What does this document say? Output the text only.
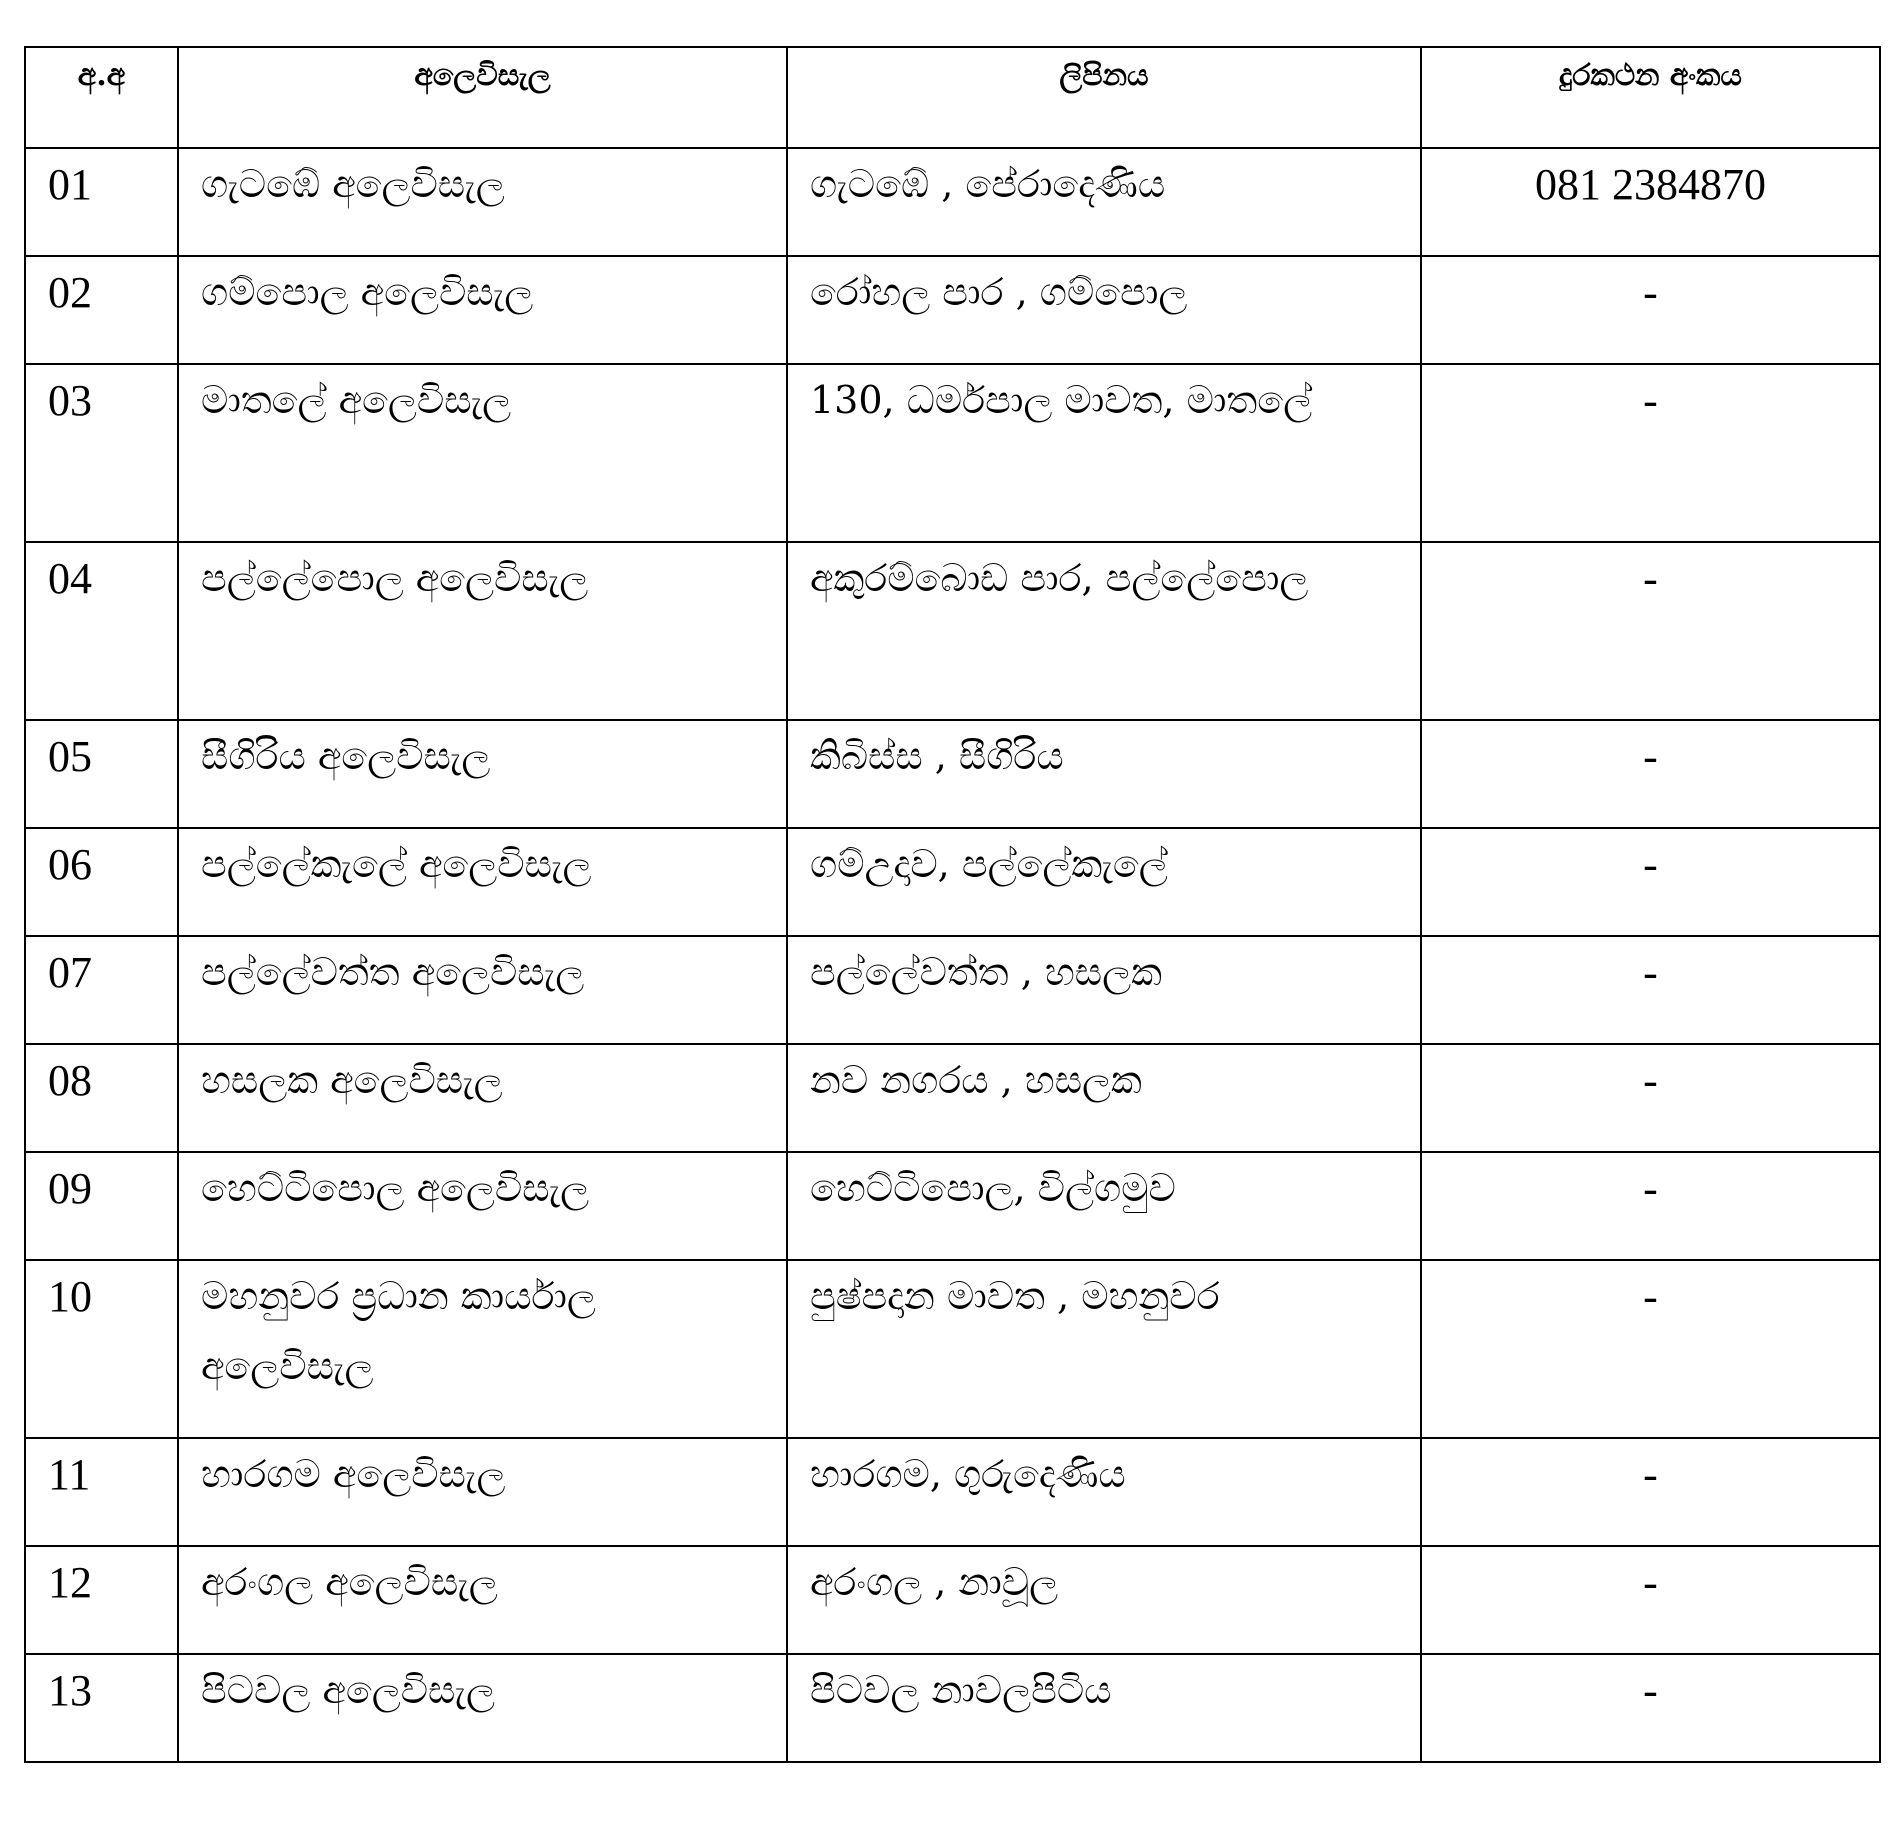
අ.අ	අලෙවිසැල	ලිපිනය	දුරකථන අංකය

01	ගැටඹේ අලෙවිසැල	ගැටඹේ , පේරාදෙණිය	081 2384870
02	ගම්පොල අලෙවිසැල	රෝහල පාර , ගම්පොල	-
03	මාතලේ අලෙවිසැල	130, ධර්මපාල මාවත, මාතලේ	-
04	පල්ලේපොල අලෙවිසැල	අකුරම්බොඩ පාර, පල්ලේපොල	-
05	සීගිරිය අලෙවිසැල	කිබිස්ස , සීගිරිය	-
06	පල්ලේකැලේ අලෙවිසැල	ගම්උදාව, පල්ලේකැලේ	-
07	පල්ලේවත්ත අලෙවිසැල	පල්ලේවත්ත , හසලක	-
08	හසලක අලෙවිසැල	නව නගරය , හසලක	-
09	හෙට්ටිපොල අලෙවිසැල	හෙට්ටිපොල, විල්ගමුව	-
10	මහනුවර ප්‍රධාන කාර්යාල අලෙවිසැල	පුෂ්පදාන මාවත , මහනුවර	-
11	හාරගම අලෙවිසැල	හාරගම, ගුරුදෙණිය	-
12	අරංගල අලෙවිසැල	අරංගල , නාවූල	-
13	පිටවල අලෙවිසැල	පිටවල නාවලපිටිය	-
